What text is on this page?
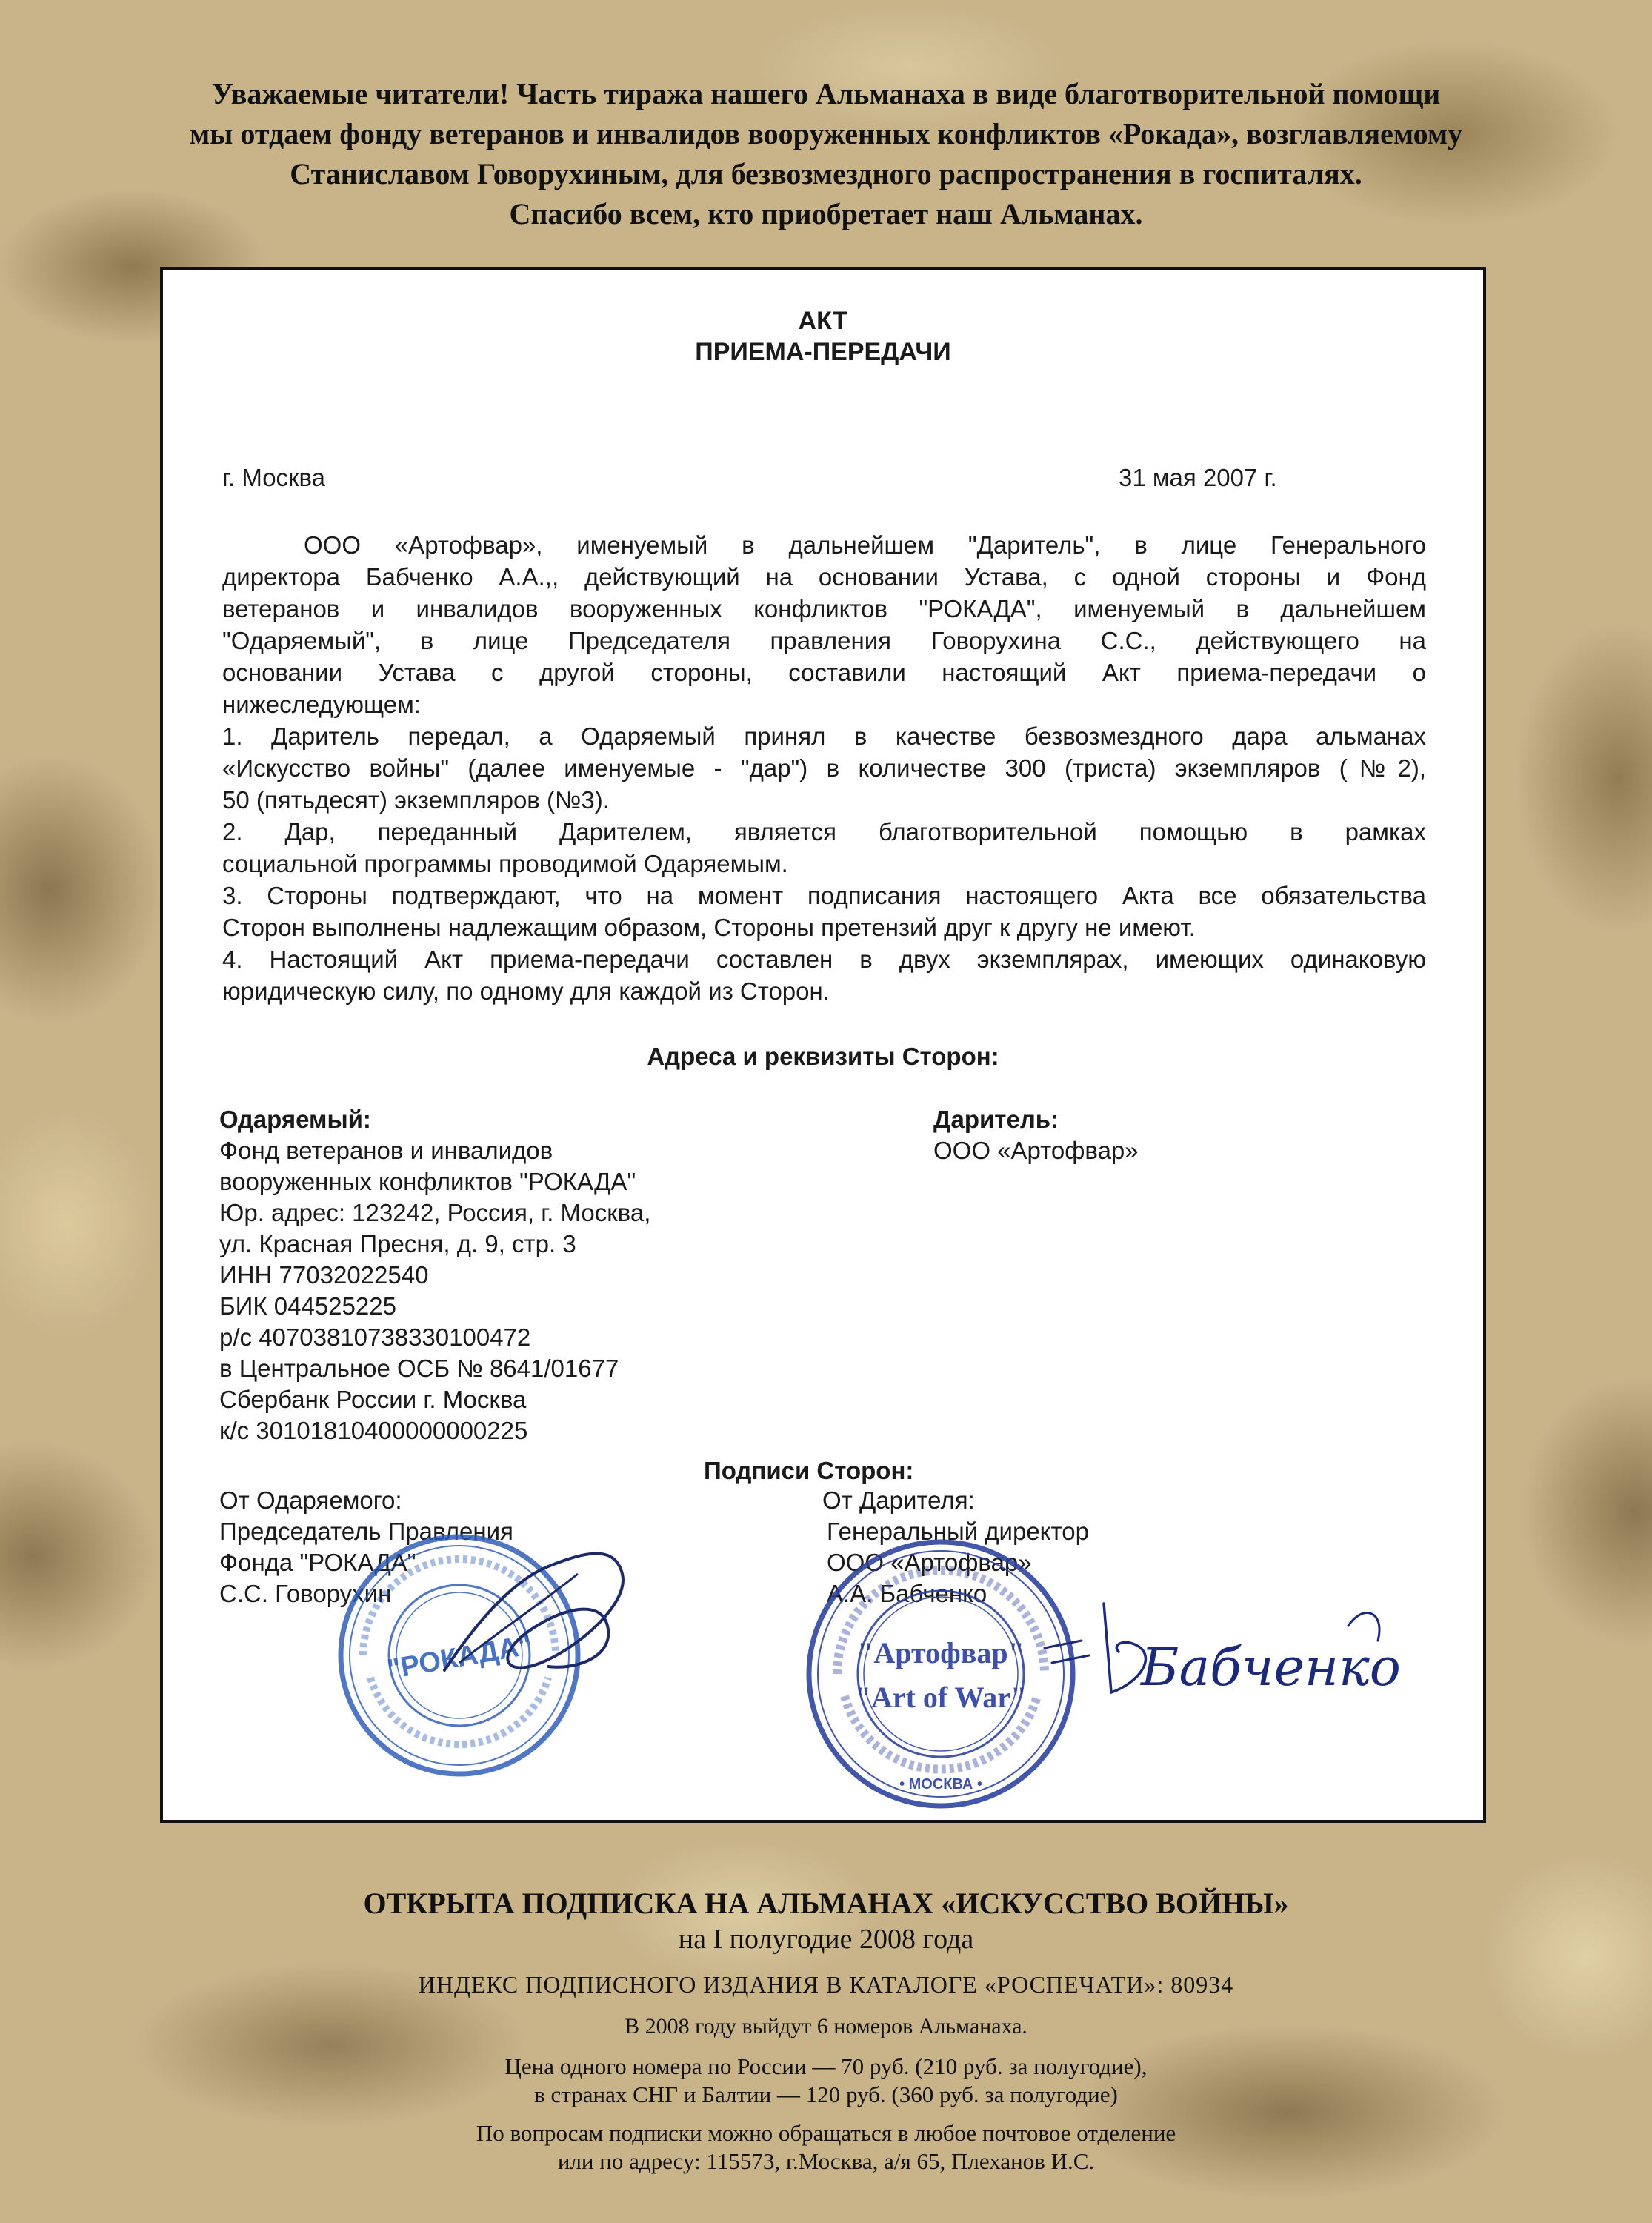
Уважаемые читатели! Часть тиража нашего Альманаха в виде благотворительной помощи
мы отдаем фонду ветеранов и инвалидов вооруженных конфликтов «Рокада», возглавляемому
Станиславом Говорухиным, для безвозмездного распространения в госпиталях.
Спасибо всем, кто приобретает наш Альманах.
АКТ
ПРИЕМА-ПЕРЕДАЧИ
г. Москва	31 мая 2007 г.
ООО «Артофвар», именуемый в дальнейшем "Даритель", в лице Генерального
директора Бабченко А.А.,, действующий на основании Устава, с одной стороны и Фонд
ветеранов и инвалидов вооруженных конфликтов "РОКАДА", именуемый в дальнейшем
"Одаряемый", в лице Председателя правления Говорухина С.С., действующего на
основании Устава с другой стороны, составили настоящий Акт приема-передачи о
нижеследующем:
1. Даритель передал, а Одаряемый принял в качестве безвозмездного дара альманах
«Искусство войны" (далее именуемые - "дар") в количестве 300 (триста) экземпляров (№2),
50 (пятьдесят) экземпляров (№3).
2. Дар, переданный Дарителем, является благотворительной помощью в рамках
социальной программы проводимой Одаряемым.
3. Стороны подтверждают, что на момент подписания настоящего Акта все обязательства
Сторон выполнены надлежащим образом, Стороны претензий друг к другу не имеют.
4. Настоящий Акт приема-передачи составлен в двух экземплярах, имеющих одинаковую
юридическую силу, по одному для каждой из Сторон.
Адреса и реквизиты Сторон:
Одаряемый:
Фонд ветеранов и инвалидов
вооруженных конфликтов "РОКАДА"
Юр. адрес: 123242, Россия, г. Москва,
ул. Красная Пресня, д. 9, стр. 3
ИНН 77032022540
БИК 044525225
р/с 40703810738330100472
в Центральное ОСБ № 8641/01677
Сбербанк России г. Москва
к/с 30101810400000000225
Даритель:
ООО «Артофвар»
Подписи Сторон:
От Одаряемого:
Председатель Правления
Фонда "РОКАДА"
С.С. Говорухин
От Дарителя:
Генеральный директор
ООО «Артофвар»
А.А. Бабченко
"РОКАДА"	"Артофвар"
"Art of War"
• МОСКВА •
Бабченко
ОТКРЫТА ПОДПИСКА НА АЛЬМАНАХ «ИСКУССТВО ВОЙНЫ»
на I полугодие 2008 года
ИНДЕКС ПОДПИСНОГО ИЗДАНИЯ В КАТАЛОГЕ «РОСПЕЧАТИ»: 80934
В 2008 году выйдут 6 номеров Альманаха.
Цена одного номера по России — 70 руб. (210 руб. за полугодие),
в странах СНГ и Балтии — 120 руб. (360 руб. за полугодие)
По вопросам подписки можно обращаться в любое почтовое отделение
или по адресу: 115573, г.Москва, а/я 65, Плеханов И.С.
